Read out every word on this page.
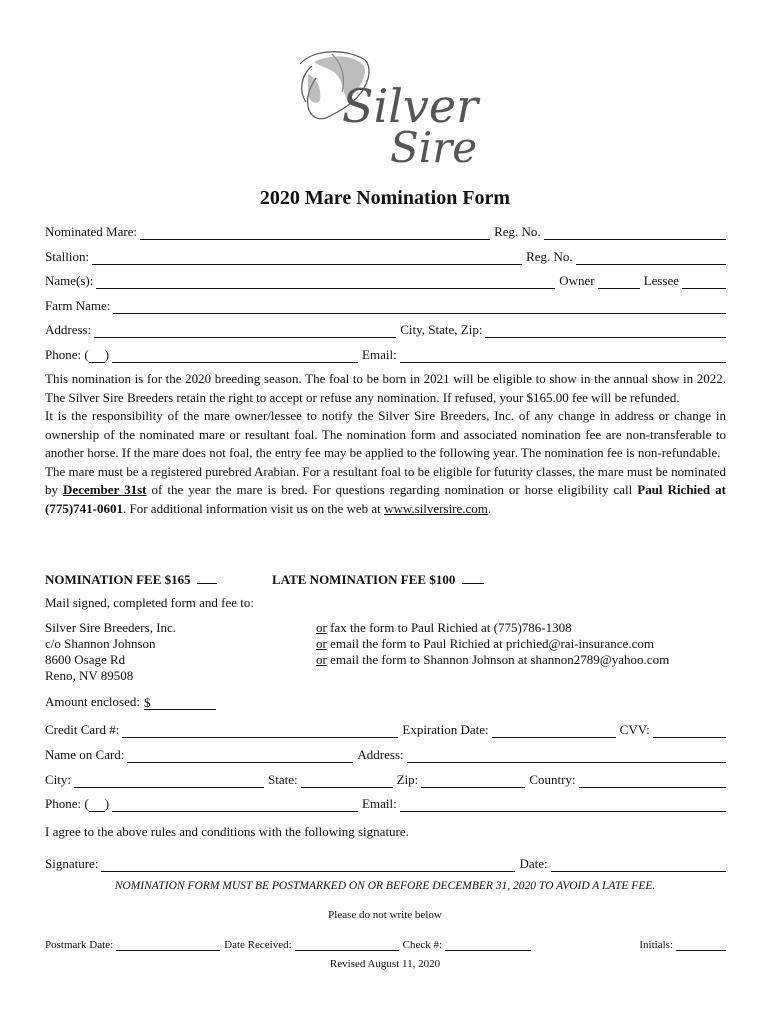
Silver
Sire
2020 Mare Nomination Form
Nominated Mare:	Reg. No.
Stallion:	Reg. No.
Name(s):	Owner	Lessee
Farm Name:
Address:	City, State, Zip:
Phone: ( )	Email:

This nomination is for the 2020 breeding season. The foal to be born in 2021 will be eligible to show in the annual show in 2022. The Silver Sire Breeders retain the right to accept or refuse any nomination. If refused, your $165.00 fee will be refunded.

It is the responsibility of the mare owner/lessee to notify the Silver Sire Breeders, Inc. of any change in address or change in ownership of the nominated mare or resultant foal. The nomination form and associated nomination fee are non-transferable to another horse. If the mare does not foal, the entry fee may be applied to the following year. The nomination fee is non-refundable.

The mare must be a registered purebred Arabian. For a resultant foal to be eligible for futurity classes, the mare must be nominated by December 31st of the year the mare is bred. For questions regarding nomination or horse eligibility call Paul Richied at (775)741-0601. For additional information visit us on the web at www.silversire.com.

NOMINATION FEE $165	LATE NOMINATION FEE $100
Mail signed, completed form and fee to:
Silver Sire Breeders, Inc.
c/o Shannon Johnson
8600 Osage Rd
Reno, NV 89508
or fax the form to Paul Richied at (775)786-1308
or email the form to Paul Richied at prichied@rai-insurance.com
or email the form to Shannon Johnson at shannon2789@yahoo.com
Amount enclosed: $
Credit Card #:	Expiration Date:	CVV:
Name on Card:	Address:
City:	State:	Zip:	Country:
Phone: ( )	Email:
I agree to the above rules and conditions with the following signature.
Signature:	Date:
NOMINATION FORM MUST BE POSTMARKED ON OR BEFORE DECEMBER 31, 2020 TO AVOID A LATE FEE.
Please do not write below
Postmark Date:	Date Received:	Check #:	Initials:
Revised August 11, 2020
